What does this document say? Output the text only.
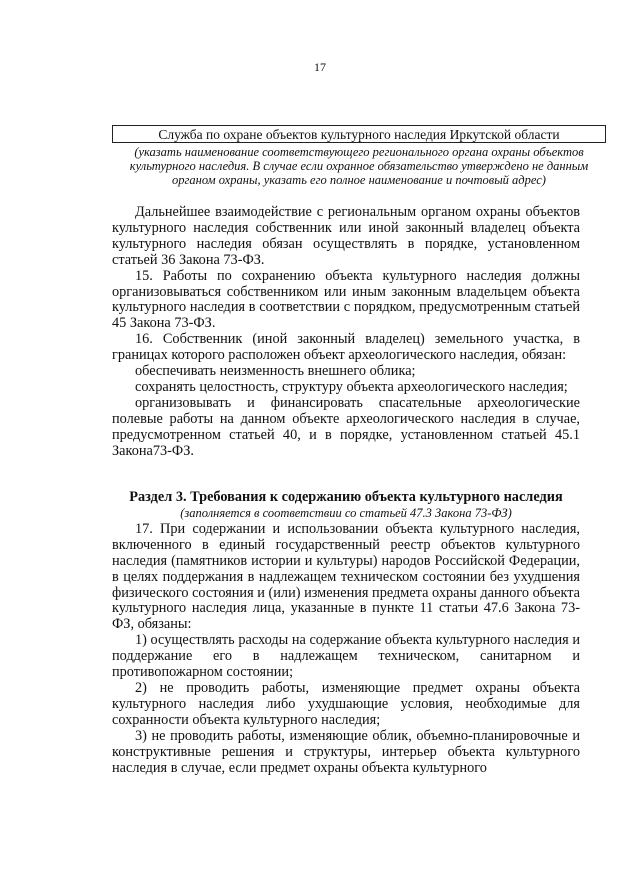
17
Служба по охране объектов культурного наследия Иркутской области
(указать наименование соответствующего регионального органа охраны объектов культурного наследия. В случае если охранное обязательство утверждено не данным органом охраны, указать его полное наименование и почтовый адрес)

Дальнейшее взаимодействие с региональным органом охраны объектов культурного наследия собственник или иной законный владелец объекта культурного наследия обязан осуществлять в порядке, установленном статьей 36 Закона 73-ФЗ.

15. Работы по сохранению объекта культурного наследия должны организовываться собственником или иным законным владельцем объекта культурного наследия в соответствии с порядком, предусмотренным статьей 45 Закона 73-ФЗ.

16. Собственник (иной законный владелец) земельного участка, в границах которого расположен объект археологического наследия, обязан:

обеспечивать неизменность внешнего облика;

сохранять целостность, структуру объекта археологического наследия;

организовывать и финансировать спасательные археологические полевые работы на данном объекте археологического наследия в случае, предусмотренном статьей 40, и в порядке, установленном статьей 45.1 Закона73-ФЗ.

Раздел 3. Требования к содержанию объекта культурного наследия

(заполняется в соответствии со статьей 47.3 Закона 73-ФЗ)

17. При содержании и использовании объекта культурного наследия, включенного в единый государственный реестр объектов культурного наследия (памятников истории и культуры) народов Российской Федерации, в целях поддержания в надлежащем техническом состоянии без ухудшения физического состояния и (или) изменения предмета охраны данного объекта культурного наследия лица, указанные в пункте 11 статьи 47.6 Закона 73-ФЗ, обязаны:

1) осуществлять расходы на содержание объекта культурного наследия и поддержание его в надлежащем техническом, санитарном и противопожарном состоянии;

2) не проводить работы, изменяющие предмет охраны объекта культурного наследия либо ухудшающие условия, необходимые для сохранности объекта культурного наследия;

3) не проводить работы, изменяющие облик, объемно-планировочные и конструктивные решения и структуры, интерьер объекта культурного наследия в случае, если предмет охраны объекта культурного
